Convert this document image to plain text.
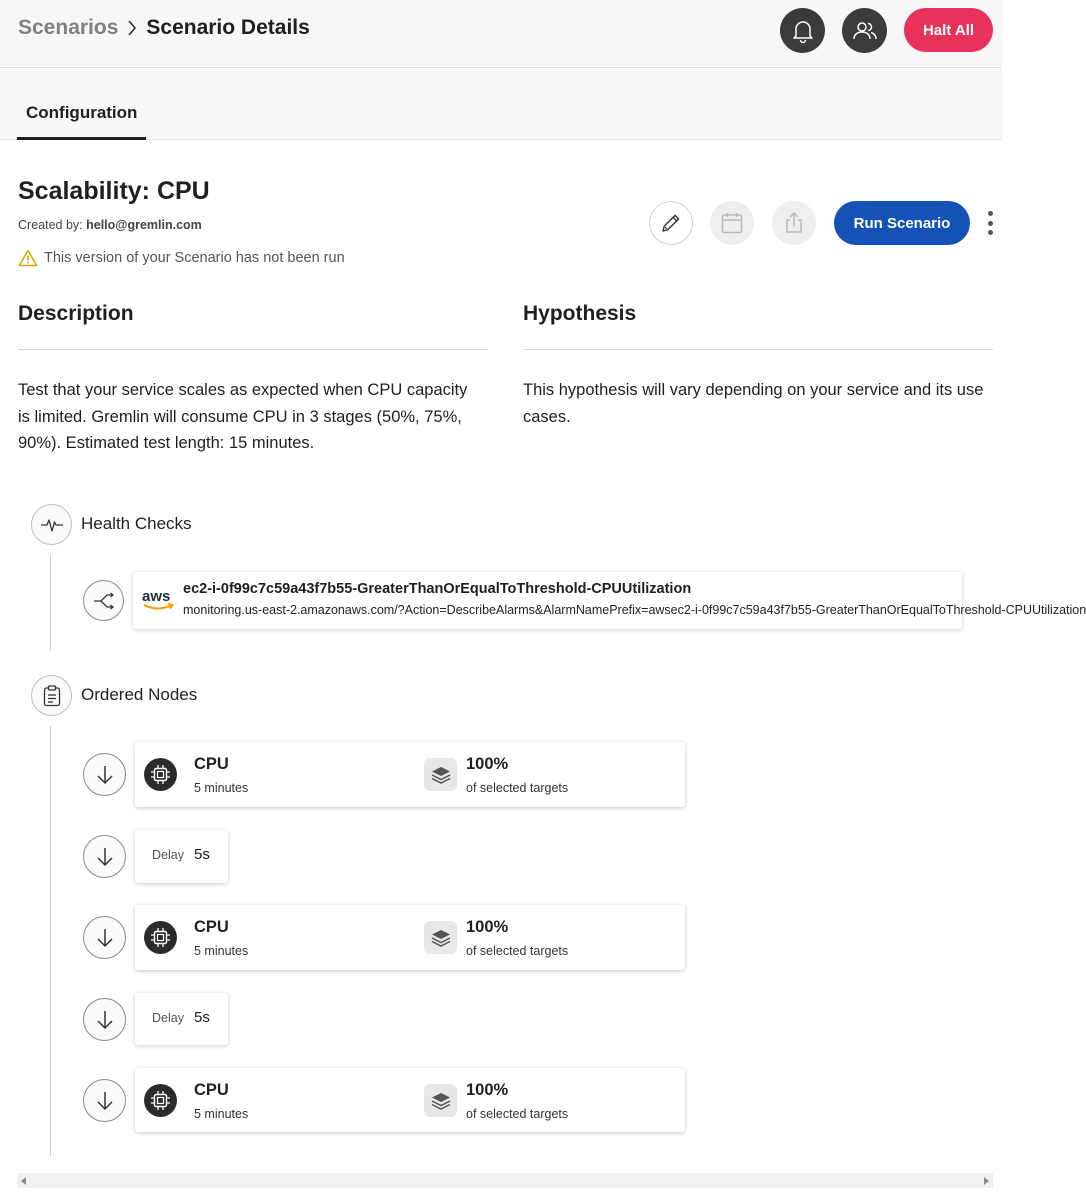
Scenarios Scenario Details	Halt All
Configuration
Scalability: CPU
Created by: hello@gremlin.com
This version of your Scenario has not been run
Run Scenario
Description
Test that your service scales as expected when CPU capacity is limited. Gremlin will consume CPU in 3 stages (50%, 75%, 90%). Estimated test length: 15 minutes.
Hypothesis
This hypothesis will vary depending on your service and its use cases.
Health Checks
aws ec2-i-0f99c7c59a43f7b55-GreaterThanOrEqualToThreshold-CPUUtilization
monitoring.us-east-2.amazonaws.com/?Action=DescribeAlarms&AlarmNamePrefix=awsec2-i-0f99c7c59a43f7b55-GreaterThanOrEqualToThreshold-CPUUtilization
Ordered Nodes
CPU
5 minutes
100%
of selected targets
Delay 5s
CPU
5 minutes
100%
of selected targets
Delay 5s
CPU
5 minutes
100%
of selected targets
